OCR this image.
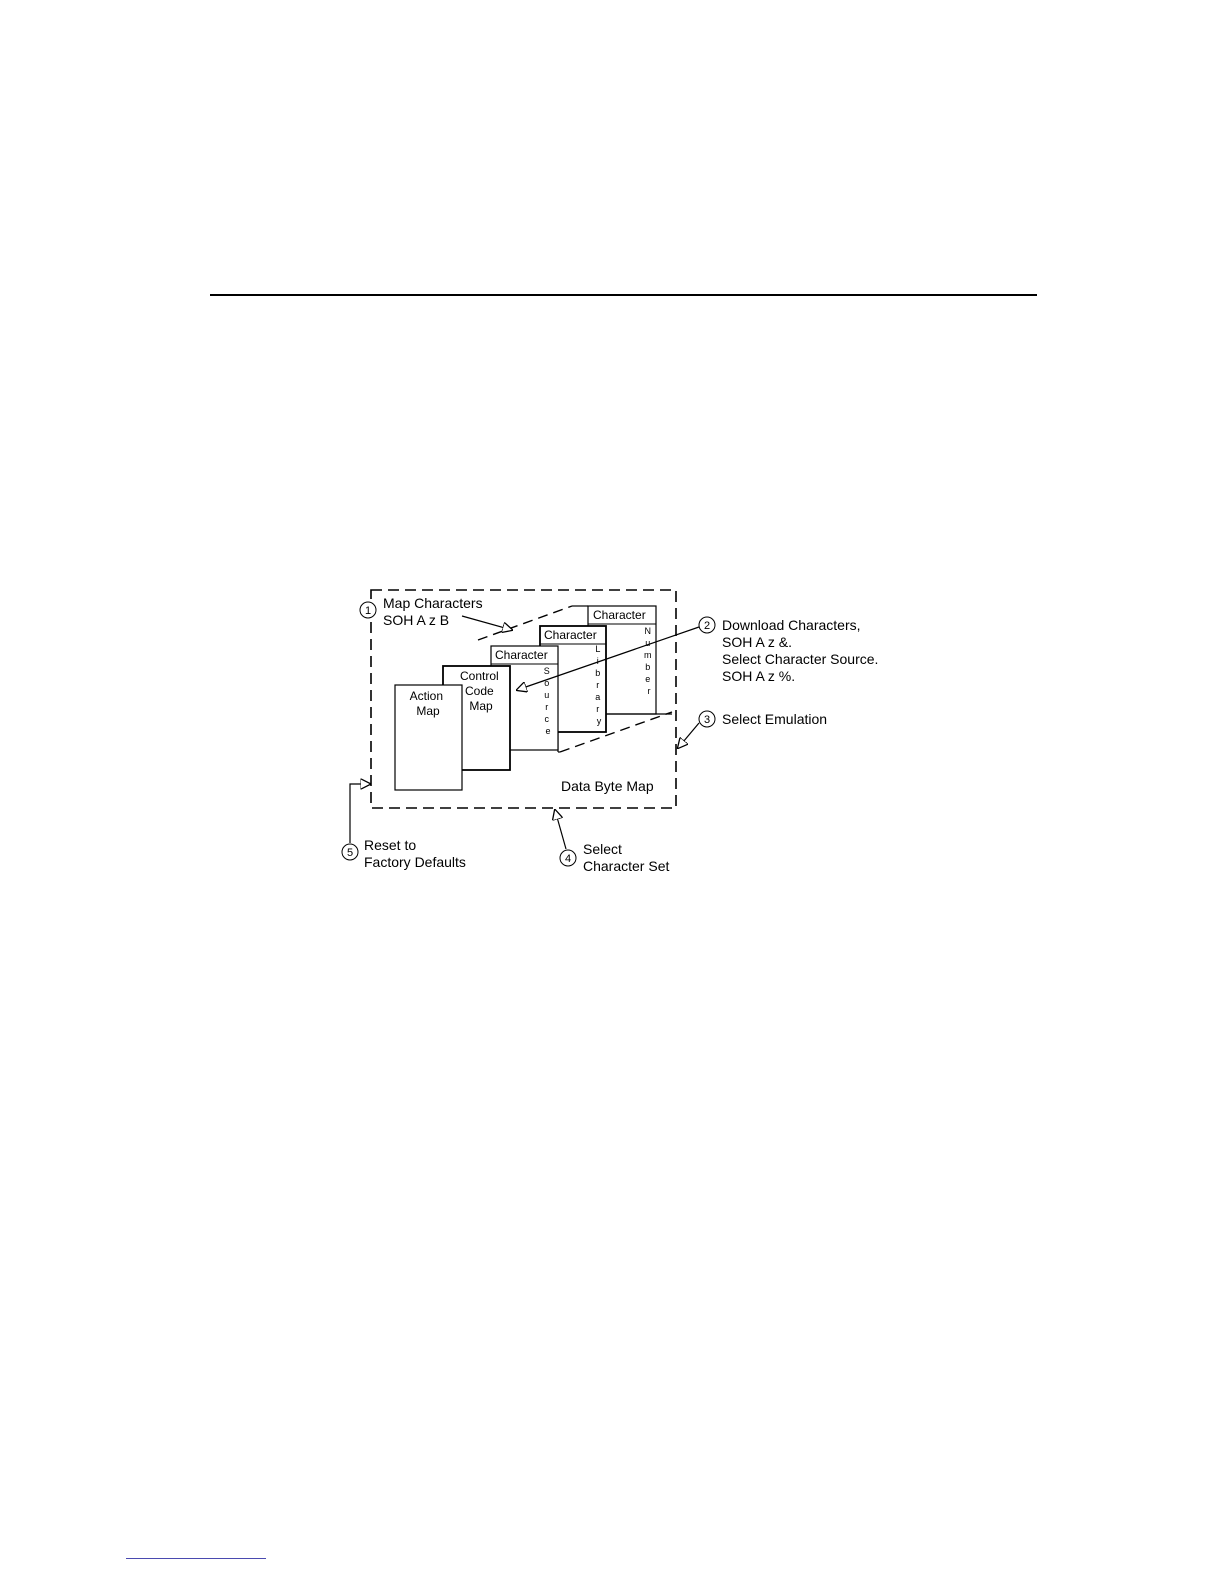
Data Byte Map
Character
N u m b e r
Character
L i b r a r y
Character
S o u r c e
Control Code Map
Action Map
1 Map Characters SOH A z B	2 Download Characters, SOH A z &. Select Character Source. SOH A z %.
3 Select Emulation
4
Select Character Set
5 Reset to Factory Defaults
